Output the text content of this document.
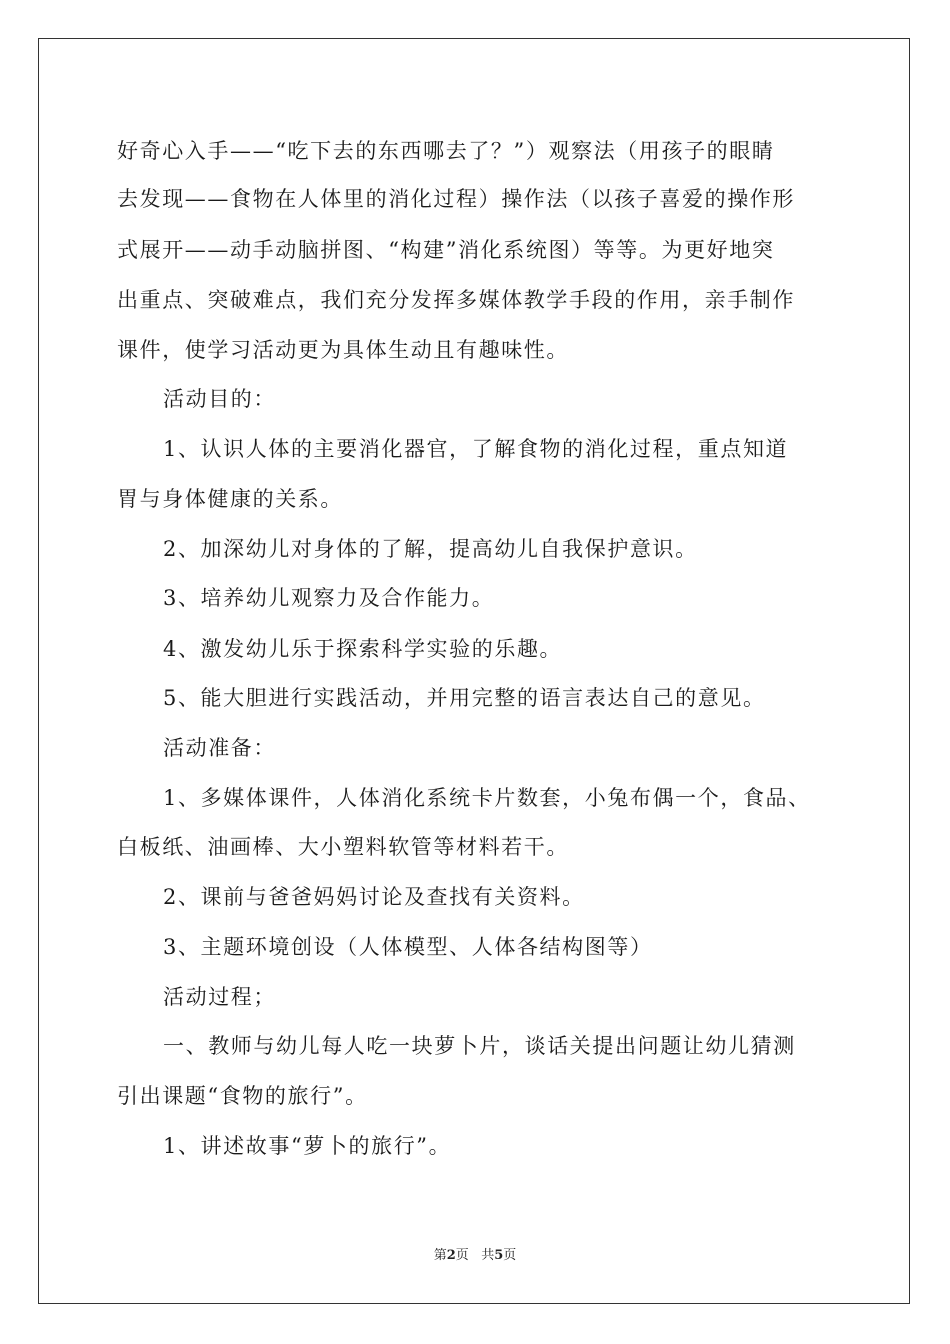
好奇心入手——“吃下去的东西哪去了？”）观察法（用孩子的眼睛
去发现——食物在人体里的消化过程）操作法（以孩子喜爱的操作形
式展开——动手动脑拼图、“构建”消化系统图）等等。为更好地突
出重点、突破难点，我们充分发挥多媒体教学手段的作用，亲手制作
课件，使学习活动更为具体生动且有趣味性。
活动目的：
1、认识人体的主要消化器官，了解食物的消化过程，重点知道
胃与身体健康的关系。
2、加深幼儿对身体的了解，提高幼儿自我保护意识。
3、培养幼儿观察力及合作能力。
4、激发幼儿乐于探索科学实验的乐趣。
5、能大胆进行实践活动，并用完整的语言表达自己的意见。
活动准备：
1、多媒体课件，人体消化系统卡片数套，小兔布偶一个，食品、
白板纸、油画棒、大小塑料软管等材料若干。
2、课前与爸爸妈妈讨论及查找有关资料。
3、主题环境创设（人体模型、人体各结构图等）
活动过程；
一、教师与幼儿每人吃一块萝卜片，谈话关提出问题让幼儿猜测
引出课题“食物的旅行”。
1、讲述故事“萝卜的旅行”。
第2页 共5页
